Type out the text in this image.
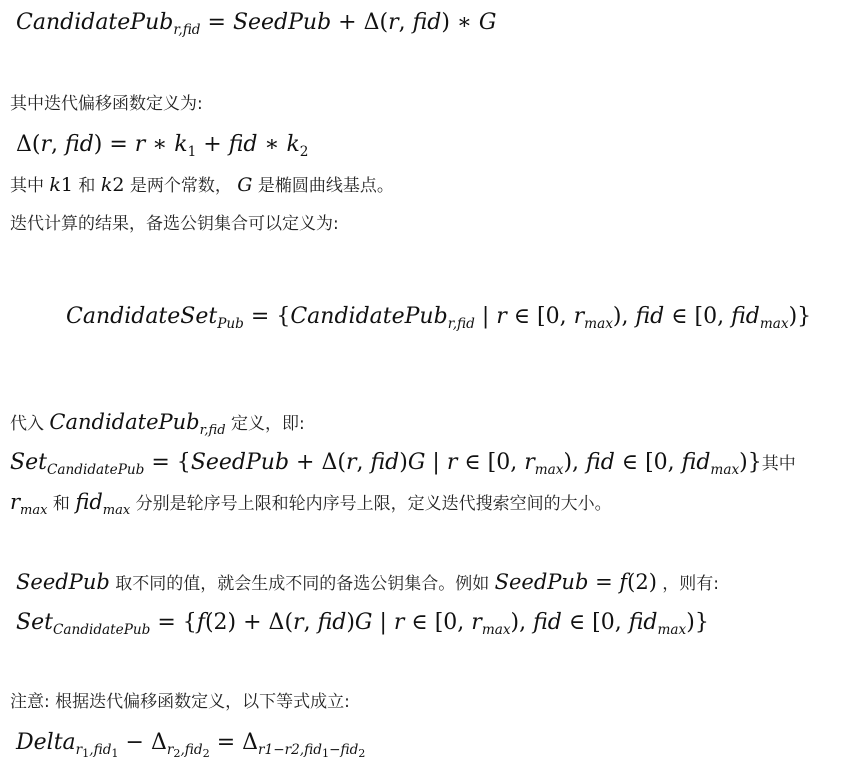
CandidatePub$_{r,fid}$ = SeedPub + Δ(r, fid) ∗ G
其中迭代偏移函数定义为:
Δ(r, fid) = r ∗ $k_1$ + fid ∗ $k_2$
其中 k1 和 k2 是两个常数， G 是椭圆曲线基点。
迭代计算的结果，备选公钥集合可以定义为:
CandidateSet$_{Pub}$ = {CandidatePub$_{r,fid}$ | r ∈ [0, $r_{max}$), fid ∈ [0, fid$_{max}$)}
代入 CandidatePub$_{r,fid}$ 定义，即:
Set$_{CandidatePub}$ = {SeedPub + Δ(r, fid)G | r ∈ [0, $r_{max}$), fid ∈ [0, fid$_{max}$)}其中
$r_{max}$ 和 fid$_{max}$ 分别是轮序号上限和轮内序号上限，定义迭代搜索空间的大小。
SeedPub 取不同的值，就会生成不同的备选公钥集合。例如 SeedPub = f(2) ，则有:
Set$_{CandidatePub}$ = {f(2) + Δ(r, fid)G | r ∈ [0, $r_{max}$), fid ∈ [0, fid$_{max}$)}
注意: 根据迭代偏移函数定义，以下等式成立:
Delta$_{r_1,fid_1}$ − $\Delta_{r_2,fid_2} = \Delta_{r1-r2,fid_1-fid_2}$
